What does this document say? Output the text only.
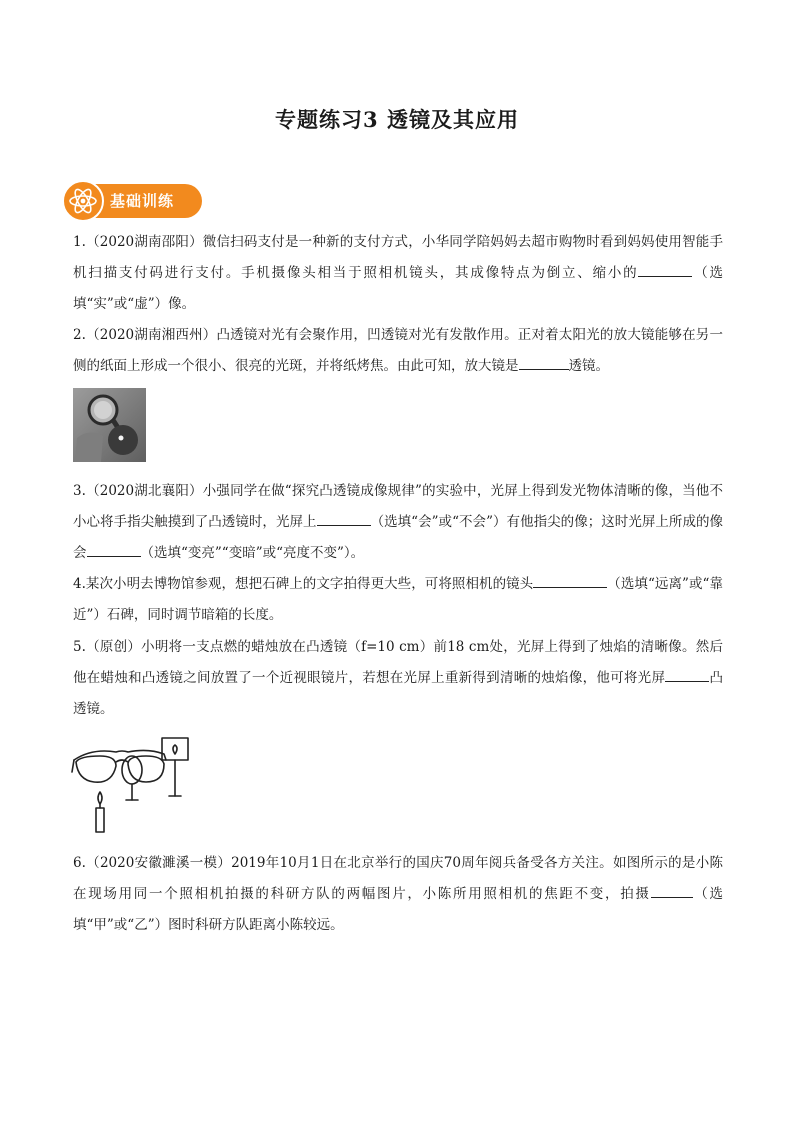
专题练习3 透镜及其应用
基础训练
1.（2020湖南邵阳）微信扫码支付是一种新的支付方式，小华同学陪妈妈去超市购物时看到妈妈使用智能手机扫描支付码进行支付。手机摄像头相当于照相机镜头，其成像特点为倒立、缩小的	（选填“实”或“虚”）像。
2.（2020湖南湘西州）凸透镜对光有会聚作用，凹透镜对光有发散作用。正对着太阳光的放大镜能够在另一侧的纸面上形成一个很小、很亮的光斑，并将纸烤焦。由此可知，放大镜是	透镜。
3.（2020湖北襄阳）小强同学在做“探究凸透镜成像规律”的实验中，光屏上得到发光物体清晰的像，当他不小心将手指尖触摸到了凸透镜时，光屏上	（选填“会”或“不会”）有他指尖的像；这时光屏上所成的像会	（选填“变亮”“变暗”或“亮度不变”）。
4.某次小明去博物馆参观，想把石碑上的文字拍得更大些，可将照相机的镜头	（选填“远离”或“靠近”）石碑，同时调节暗箱的长度。
5.（原创）小明将一支点燃的蜡烛放在凸透镜（f=10 cm）前18 cm处，光屏上得到了烛焰的清晰像。然后他在蜡烛和凸透镜之间放置了一个近视眼镜片，若想在光屏上重新得到清晰的烛焰像，他可将光屏	凸透镜。
6.（2020安徽濉溪一模）2019年10月1日在北京举行的国庆70周年阅兵备受各方关注。如图所示的是小陈在现场用同一个照相机拍摄的科研方队的两幅图片，小陈所用照相机的焦距不变，拍摄	（选填“甲”或“乙”）图时科研方队距离小陈较远。
